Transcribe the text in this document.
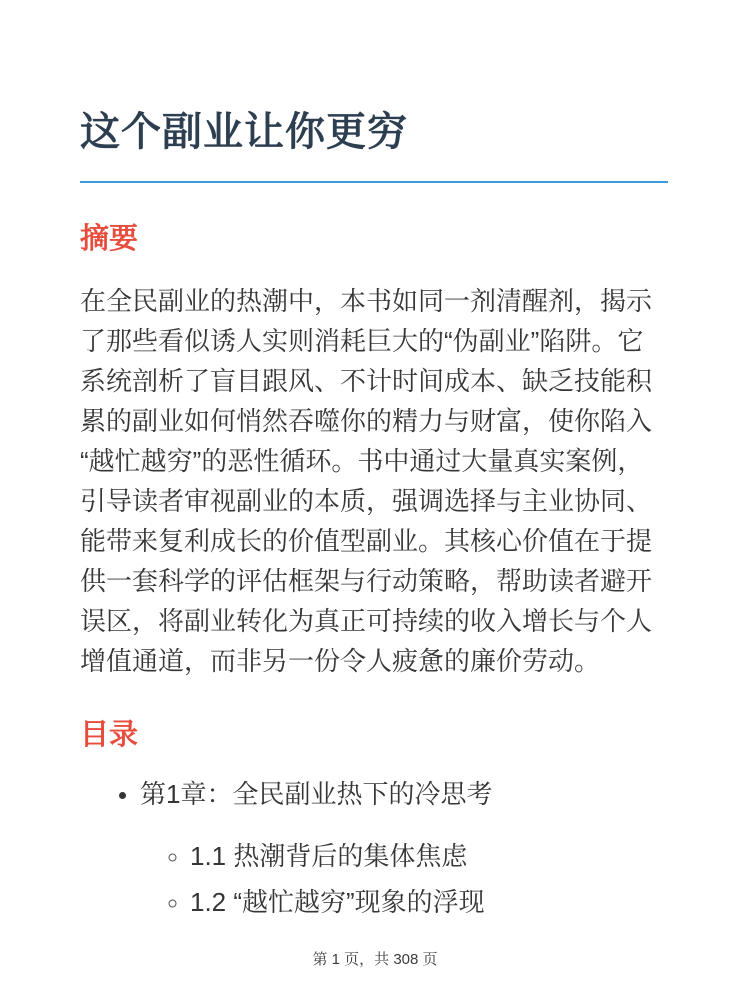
这个副业让你更穷
摘要

在全民副业的热潮中，本书如同一剂清醒剂，揭示了那些看似诱人实则消耗巨大的“伪副业”陷阱。它系统剖析了盲目跟风、不计时间成本、缺乏技能积累的副业如何悄然吞噬你的精力与财富，使你陷入“越忙越穷”的恶性循环。书中通过大量真实案例，引导读者审视副业的本质，强调选择与主业协同、能带来复利成长的价值型副业。其核心价值在于提供一套科学的评估框架与行动策略，帮助读者避开误区，将副业转化为真正可持续的收入增长与个人增值通道，而非另一份令人疲惫的廉价劳动。

目录
• 第1章：全民副业热下的冷思考
◦ 1.1 热潮背后的集体焦虑
◦ 1.2 “越忙越穷”现象的浮现
第 1 页，共 308 页
